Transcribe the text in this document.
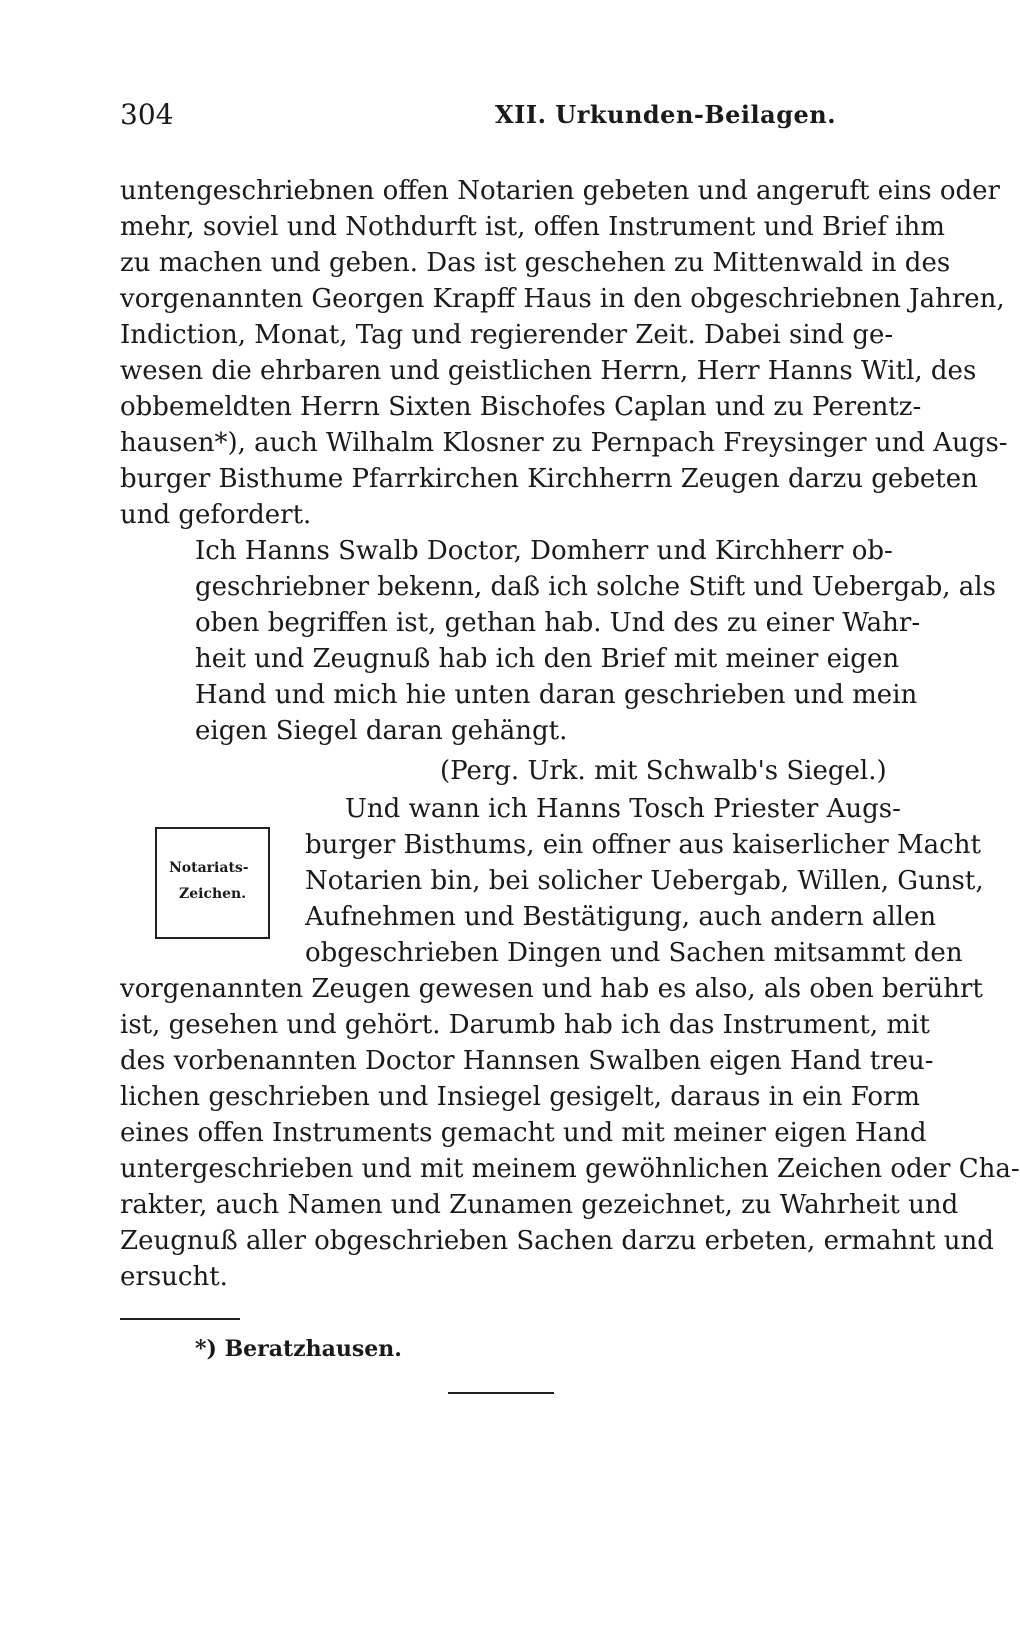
304	XII. Urkunden-Beilagen.
untengeschriebnen offen Notarien gebeten und angeruft eins oder
mehr, soviel und Nothdurft ist, offen Instrument und Brief ihm
zu machen und geben. Das ist geschehen zu Mittenwald in des
vorgenannten Georgen Krapff Haus in den obgeschriebnen Jahren,
Indiction, Monat, Tag und regierender Zeit. Dabei sind ge-
wesen die ehrbaren und geistlichen Herrn, Herr Hanns Witl, des
obbemeldten Herrn Sixten Bischofes Caplan und zu Perentz-
hausen*), auch Wilhalm Klosner zu Pernpach Freysinger und Augs-
burger Bisthume Pfarrkirchen Kirchherrn Zeugen darzu gebeten
und gefordert.
Ich Hanns Swalb Doctor, Domherr und Kirchherr ob-
geschriebner bekenn, daß ich solche Stift und Uebergab, als
oben begriffen ist, gethan hab. Und des zu einer Wahr-
heit und Zeugnuß hab ich den Brief mit meiner eigen
Hand und mich hie unten daran geschrieben und mein
eigen Siegel daran gehängt.
(Perg. Urk. mit Schwalb's Siegel.)
Notariats-
Zeichen.
Und wann ich Hanns Tosch Priester Augs-
burger Bisthums, ein offner aus kaiserlicher Macht
Notarien bin, bei solicher Uebergab, Willen, Gunst,
Aufnehmen und Bestätigung, auch andern allen
obgeschrieben Dingen und Sachen mitsammt den
vorgenannten Zeugen gewesen und hab es also, als oben berührt
ist, gesehen und gehört. Darumb hab ich das Instrument, mit
des vorbenannten Doctor Hannsen Swalben eigen Hand treu-
lichen geschrieben und Insiegel gesigelt, daraus in ein Form
eines offen Instruments gemacht und mit meiner eigen Hand
untergeschrieben und mit meinem gewöhnlichen Zeichen oder Cha-
rakter, auch Namen und Zunamen gezeichnet, zu Wahrheit und
Zeugnuß aller obgeschrieben Sachen darzu erbeten, ermahnt und
ersucht.
*) Beratzhausen.
